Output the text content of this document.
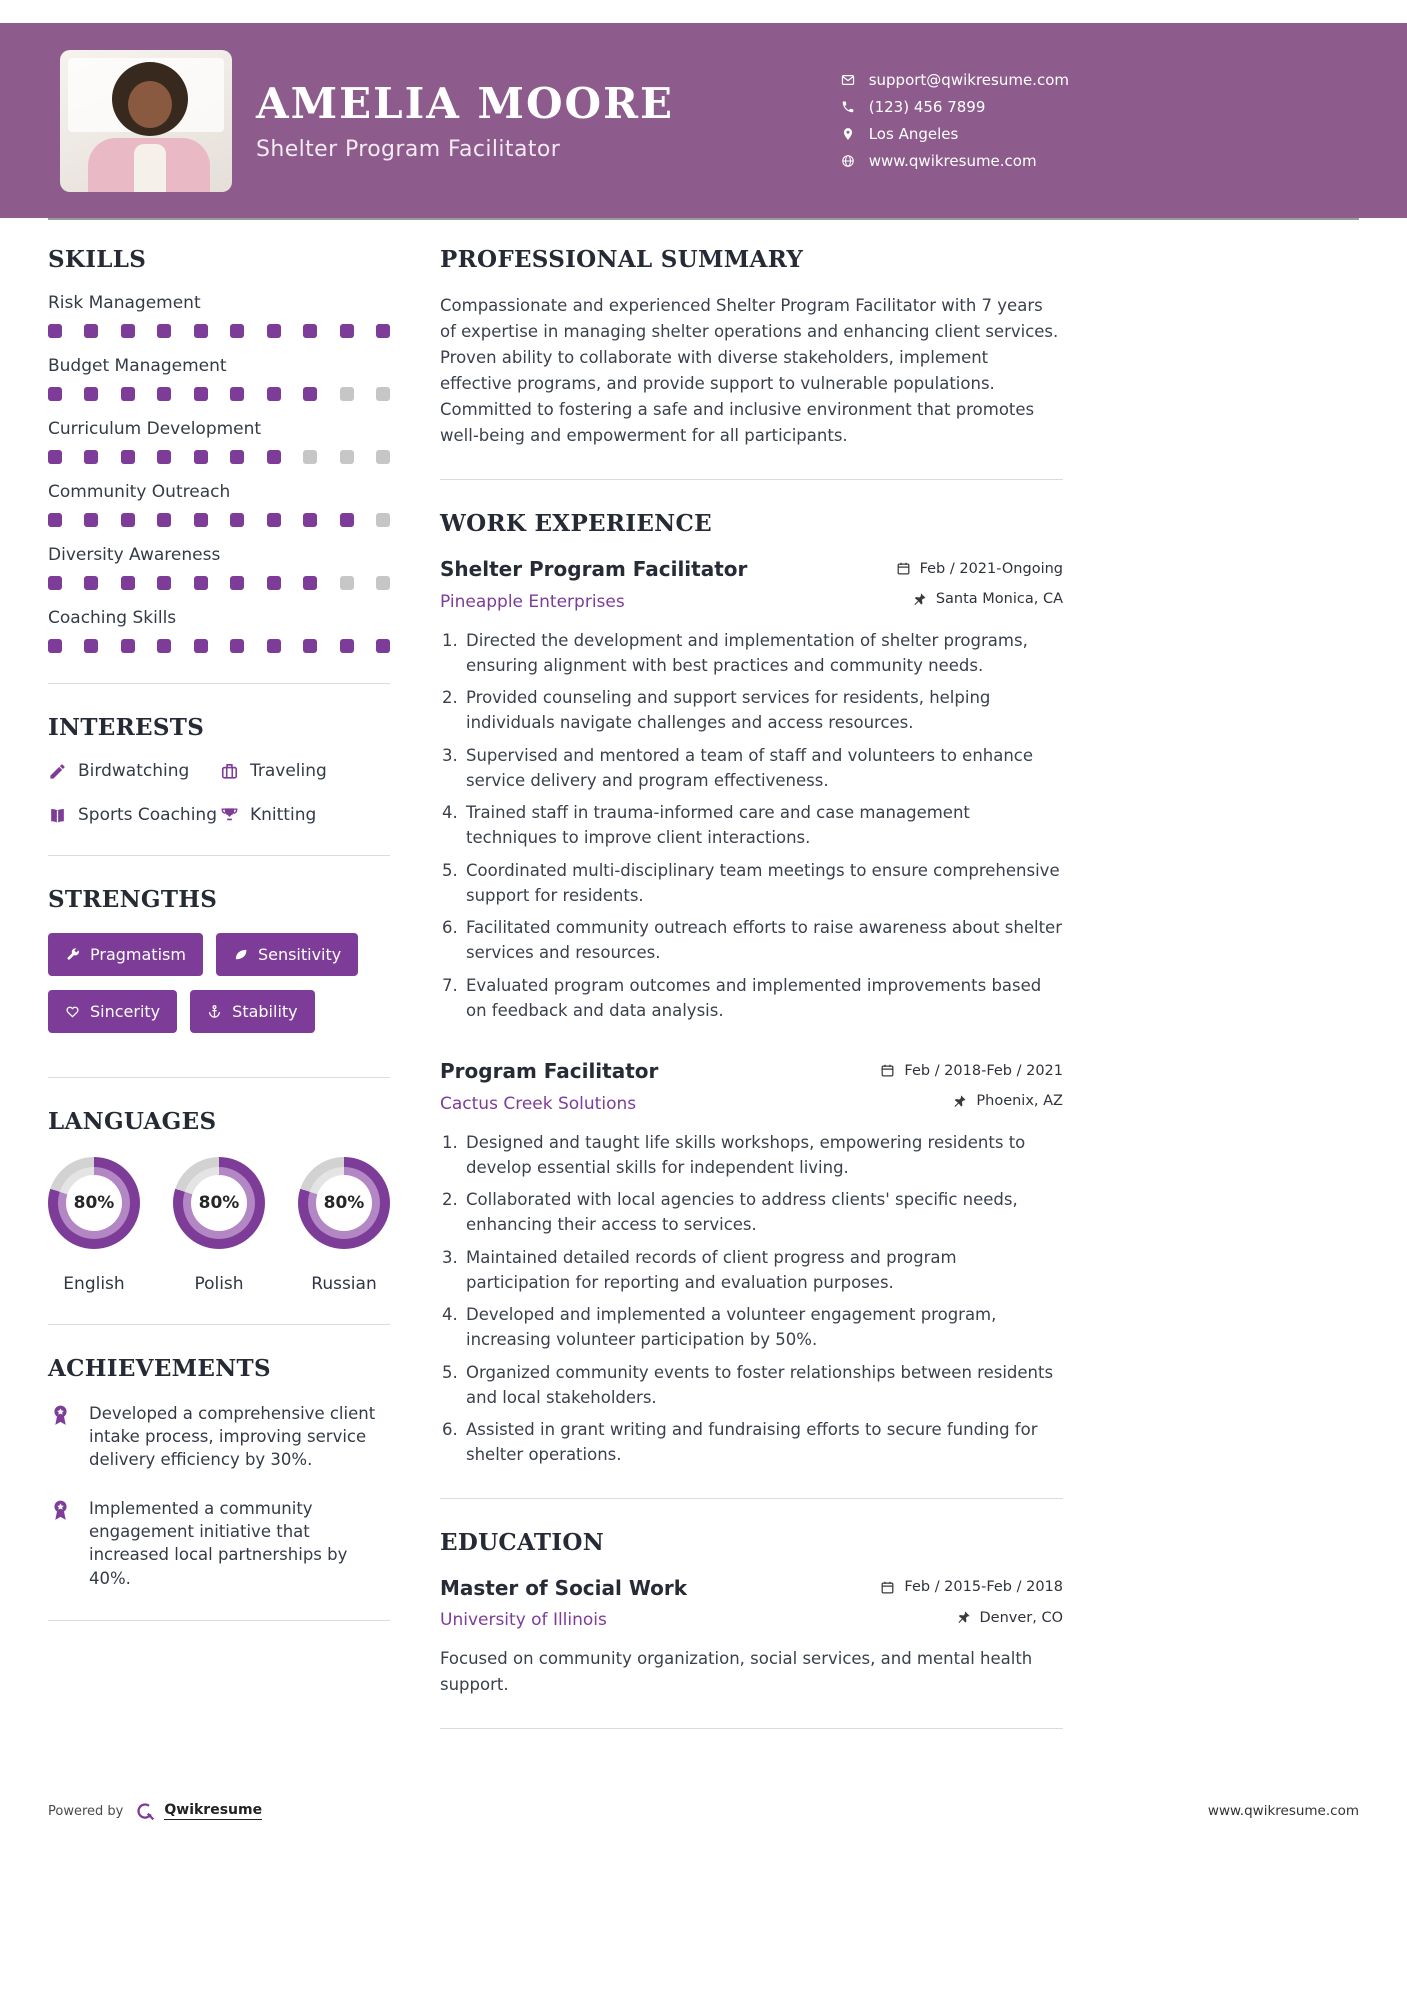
AMELIA MOORE
Shelter Program Facilitator
support@qwikresume.com
(123) 456 7899
Los Angeles
www.qwikresume.com
SKILLS
Risk Management
Budget Management
Curriculum Development
Community Outreach
Diversity Awareness
Coaching Skills
INTERESTS
Birdwatching	Traveling
Sports Coaching Knitting
STRENGTHS
Pragmatism	Sensitivity
Sincerity	Stability
LANGUAGES
80%
English
80%
Polish
80%
Russian
ACHIEVEMENTS

Developed a comprehensive client intake process, improving service delivery efficiency by 30%.

Implemented a community engagement initiative that increased local partnerships by 40%.

PROFESSIONAL SUMMARY

Compassionate and experienced Shelter Program Facilitator with 7 years of expertise in managing shelter operations and enhancing client services. Proven ability to collaborate with diverse stakeholders, implement effective programs, and provide support to vulnerable populations. Committed to fostering a safe and inclusive environment that promotes well-being and empowerment for all participants.

WORK EXPERIENCE
Shelter Program Facilitator	Feb / 2021-Ongoing
Pineapple Enterprises	Santa Monica, CA
1. Directed the development and implementation of shelter programs, ensuring alignment with best practices and community needs.
2. Provided counseling and support services for residents, helping individuals navigate challenges and access resources.
3. Supervised and mentored a team of staff and volunteers to enhance service delivery and program effectiveness.
4. Trained staff in trauma-informed care and case management techniques to improve client interactions.
5. Coordinated multi-disciplinary team meetings to ensure comprehensive support for residents.
6. Facilitated community outreach efforts to raise awareness about shelter services and resources.
7. Evaluated program outcomes and implemented improvements based on feedback and data analysis.
Program Facilitator	Feb / 2018-Feb / 2021
Cactus Creek Solutions	Phoenix, AZ
1. Designed and taught life skills workshops, empowering residents to develop essential skills for independent living.
2. Collaborated with local agencies to address clients' specific needs, enhancing their access to services.
3. Maintained detailed records of client progress and program participation for reporting and evaluation purposes.
4. Developed and implemented a volunteer engagement program, increasing volunteer participation by 50%.
5. Organized community events to foster relationships between residents and local stakeholders.
6. Assisted in grant writing and fundraising efforts to secure funding for shelter operations.
EDUCATION
Master of Social Work	Feb / 2015-Feb / 2018
University of Illinois	Denver, CO

Focused on community organization, social services, and mental health support.

Powered by	Qwikresume	www.qwikresume.com
